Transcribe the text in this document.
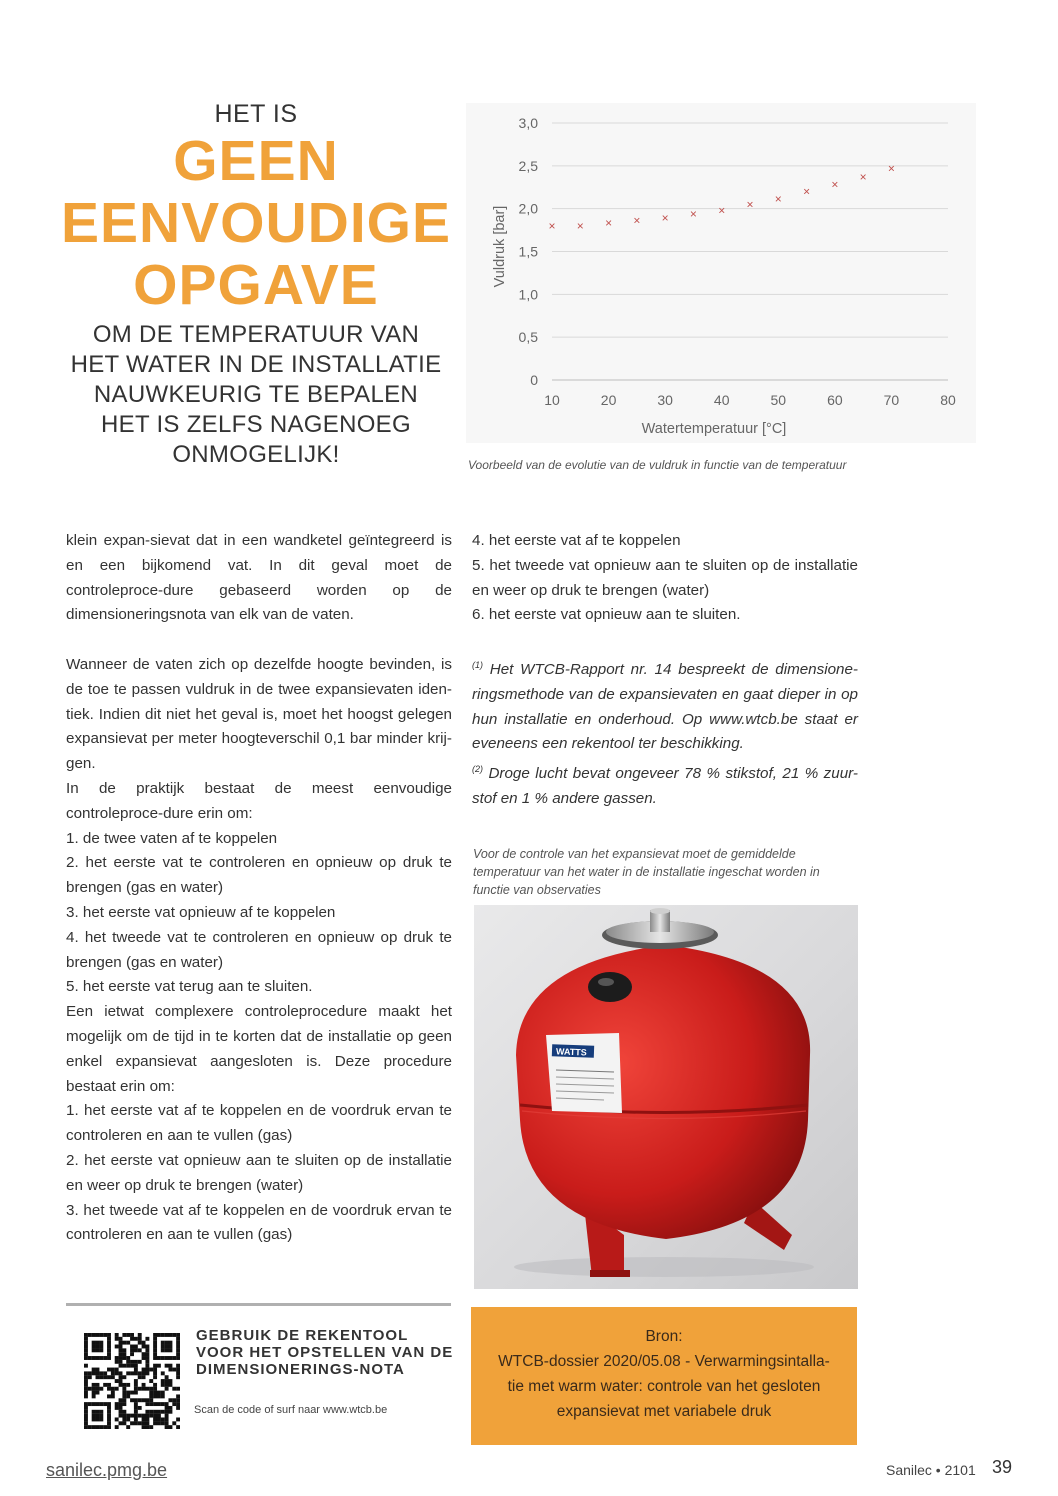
HET IS
GEEN
EENVOUDIGE
OPGAVE
OM DE TEMPERATUUR VAN
HET WATER IN DE INSTALLATIE
NAUWKEURIG TE BEPALEN
HET IS ZELFS NAGENOEG
ONMOGELIJK!
0
0,5
1,0
1,5
2,0
2,5
3,0
10	20	30	40	50	60	70	80
Watertemperatuur [°C]
Vuldruk [bar]	× × × × × × × × ×
× ×
×
×
Voorbeeld van de evolutie van de vuldruk in functie van de temperatuur

klein expan-sievat dat in een wandketel geïntegreerd is en een bijkomend vat. In dit geval moet de controleproce-dure gebaseerd worden op de dimensioneringsnota van elk van de vaten.

Wanneer de vaten zich op dezelfde hoogte bevinden, is de toe te passen vuldruk in de twee expansievaten iden-tiek. Indien dit niet het geval is, moet het hoogst gelegen expansievat per meter hoogteverschil 0,1 bar minder krij-gen.

In de praktijk bestaat de meest eenvoudige controleproce-dure erin om:

1. de twee vaten af te koppelen

2. het eerste vat te controleren en opnieuw op druk te brengen (gas en water)

3. het eerste vat opnieuw af te koppelen

4. het tweede vat te controleren en opnieuw op druk te brengen (gas en water)

5. het eerste vat terug aan te sluiten.

Een ietwat complexere controleprocedure maakt het mogelijk om de tijd in te korten dat de installatie op geen enkel expansievat aangesloten is. Deze procedure bestaat erin om:

1. het eerste vat af te koppelen en de voordruk ervan te controleren en aan te vullen (gas)

2. het eerste vat opnieuw aan te sluiten op de installatie en weer op druk te brengen (water)

3. het tweede vat af te koppelen en de voordruk ervan te controleren en aan te vullen (gas)

4. het eerste vat af te koppelen

5. het tweede vat opnieuw aan te sluiten op de installatie en weer op druk te brengen (water)

6. het eerste vat opnieuw aan te sluiten.

$^{(1)}$ Het WTCB-Rapport nr. 14 bespreekt de dimensione-ringsmethode van de expansievaten en gaat dieper in op hun installatie en onderhoud. Op www.wtcb.be staat er eveneens een rekentool ter beschikking.

$^{(2)}$ Droge lucht bevat ongeveer 78 % stikstof, 21 % zuur-stof en 1 % andere gassen.

Voor de controle van het expansievat moet de gemiddelde temperatuur van het water in de installatie ingeschat worden in functie van observaties
WATTS
GEBRUIK DE REKENTOOL VOOR HET OPSTELLEN VAN DE DIMENSIONERINGS-NOTA
Scan de code of surf naar www.wtcb.be
Bron:
WTCB-dossier 2020/05.08 - Verwarmingsintalla-tie met warm water: controle van het gesloten expansievat met variabele druk
sanilec.pmg.be	Sanilec • 2101 39
